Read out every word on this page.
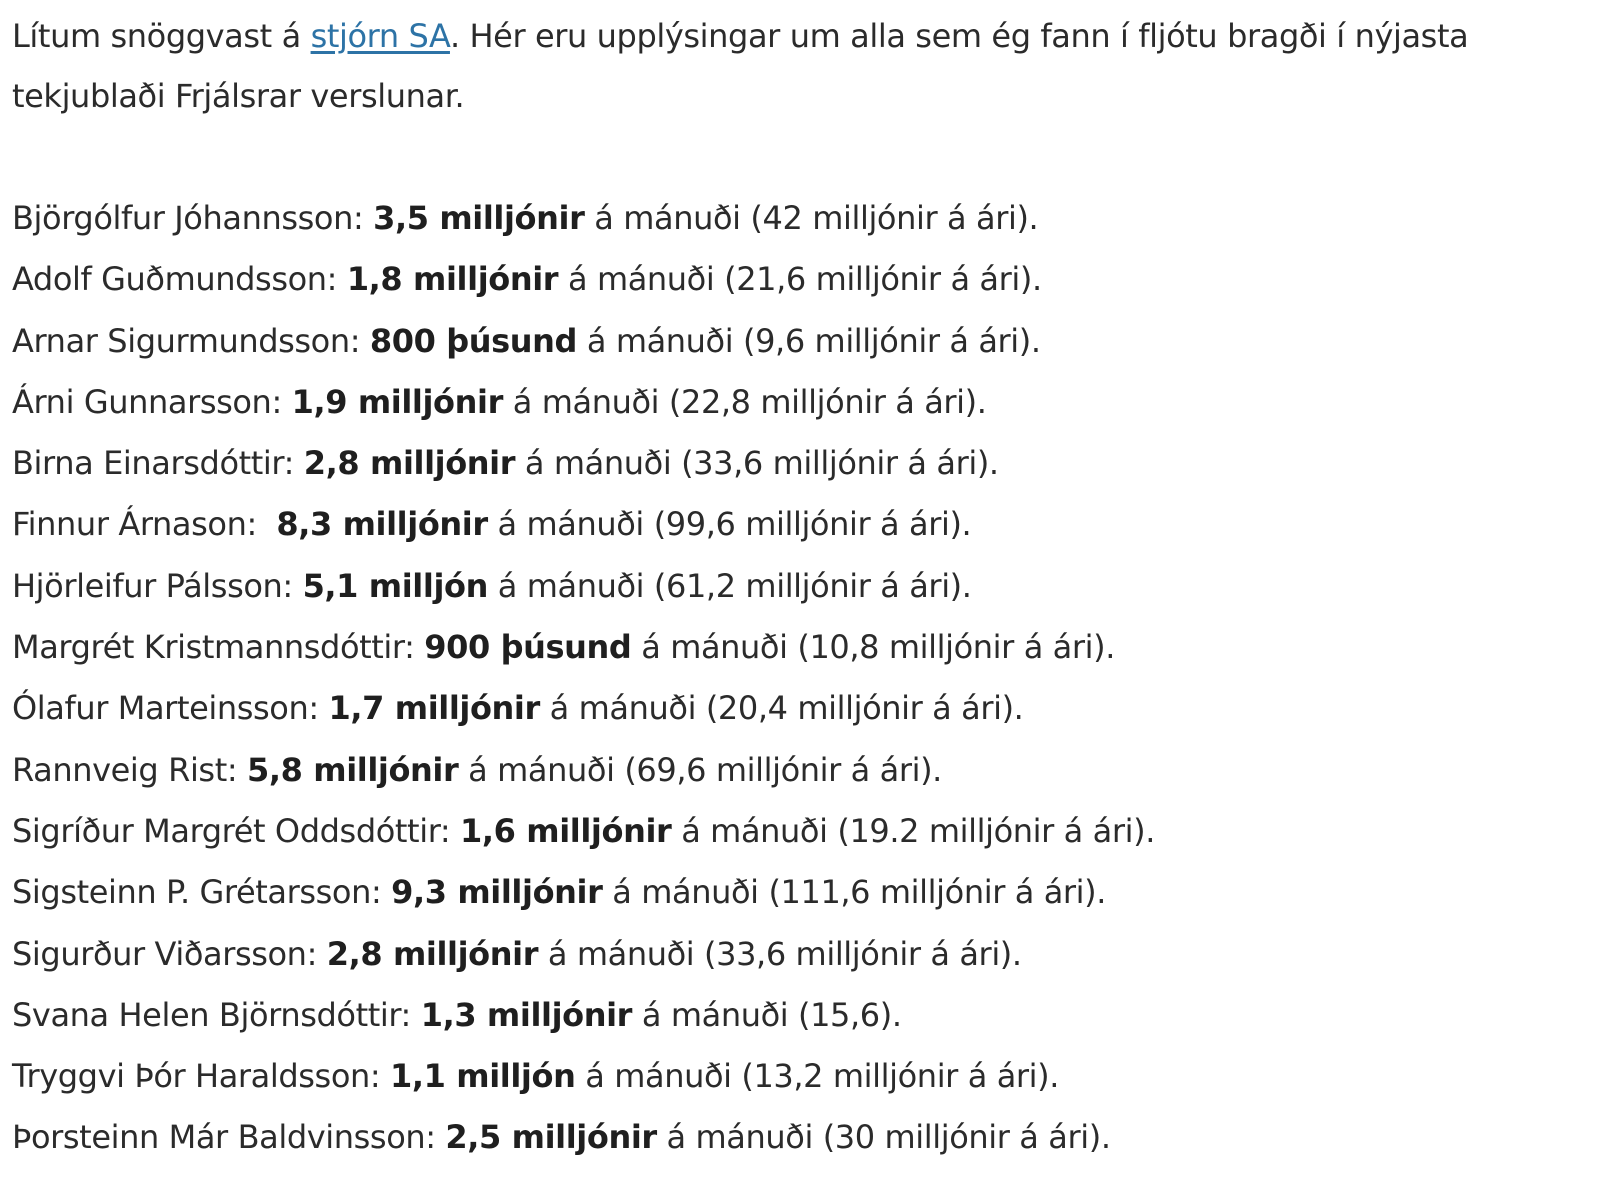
Lítum snöggvast á stjórn SA. Hér eru upplýsingar um alla sem ég fann í fljótu bragði í nýjasta tekjublaði Frjálsrar verslunar.

Björgólfur Jóhannsson: 3,5 milljónir á mánuði (42 milljónir á ári).
Adolf Guðmundsson: 1,8 milljónir á mánuði (21,6 milljónir á ári).
Arnar Sigurmundsson: 800 þúsund á mánuði (9,6 milljónir á ári).
Árni Gunnarsson: 1,9 milljónir á mánuði (22,8 milljónir á ári).
Birna Einarsdóttir: 2,8 milljónir á mánuði (33,6 milljónir á ári).
Finnur Árnason:  8,3 milljónir á mánuði (99,6 milljónir á ári).
Hjörleifur Pálsson: 5,1 milljón á mánuði (61,2 milljónir á ári).
Margrét Kristmannsdóttir: 900 þúsund á mánuði (10,8 milljónir á ári).
Ólafur Marteinsson: 1,7 milljónir á mánuði (20,4 milljónir á ári).
Rannveig Rist: 5,8 milljónir á mánuði (69,6 milljónir á ári).
Sigríður Margrét Oddsdóttir: 1,6 milljónir á mánuði (19.2 milljónir á ári).
Sigsteinn P. Grétarsson: 9,3 milljónir á mánuði (111,6 milljónir á ári).
Sigurður Viðarsson: 2,8 milljónir á mánuði (33,6 milljónir á ári).
Svana Helen Björnsdóttir: 1,3 milljónir á mánuði (15,6).
Tryggvi Þór Haraldsson: 1,1 milljón á mánuði (13,2 milljónir á ári).
Þorsteinn Már Baldvinsson: 2,5 milljónir á mánuði (30 milljónir á ári).
